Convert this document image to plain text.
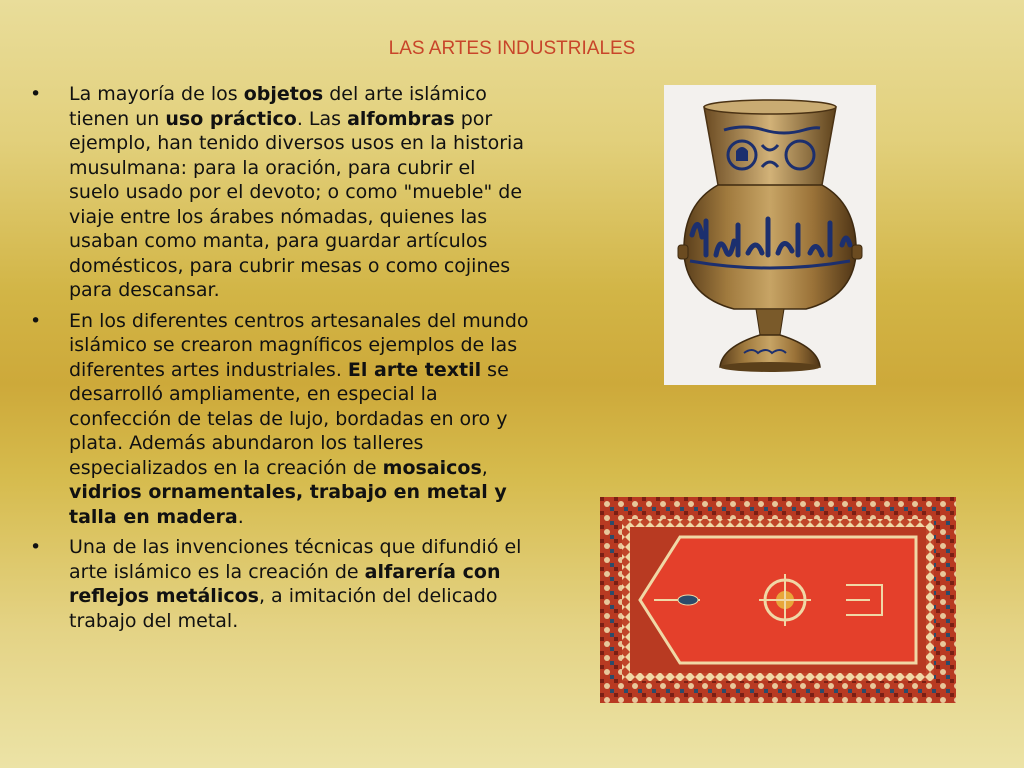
LAS ARTES INDUSTRIALES
• La mayoría de los objetos del arte islámico tienen un uso práctico. Las alfombras por ejemplo, han tenido diversos usos en la historia musulmana: para la oración, para cubrir el suelo usado por el devoto; o como "mueble" de viaje entre los árabes nómadas, quienes las usaban como manta, para guardar artículos domésticos, para cubrir mesas o como cojines para descansar.
• En los diferentes centros artesanales del mundo islámico se crearon magníficos ejemplos de las diferentes artes industriales. El arte textil se desarrolló ampliamente, en especial la confección de telas de lujo, bordadas en oro y plata. Además abundaron los talleres especializados en la creación de mosaicos, vidrios ornamentales, trabajo en metal y talla en madera.
• Una de las invenciones técnicas que difundió el arte islámico es la creación de alfarería con reflejos metálicos, a imitación del delicado trabajo del metal.
